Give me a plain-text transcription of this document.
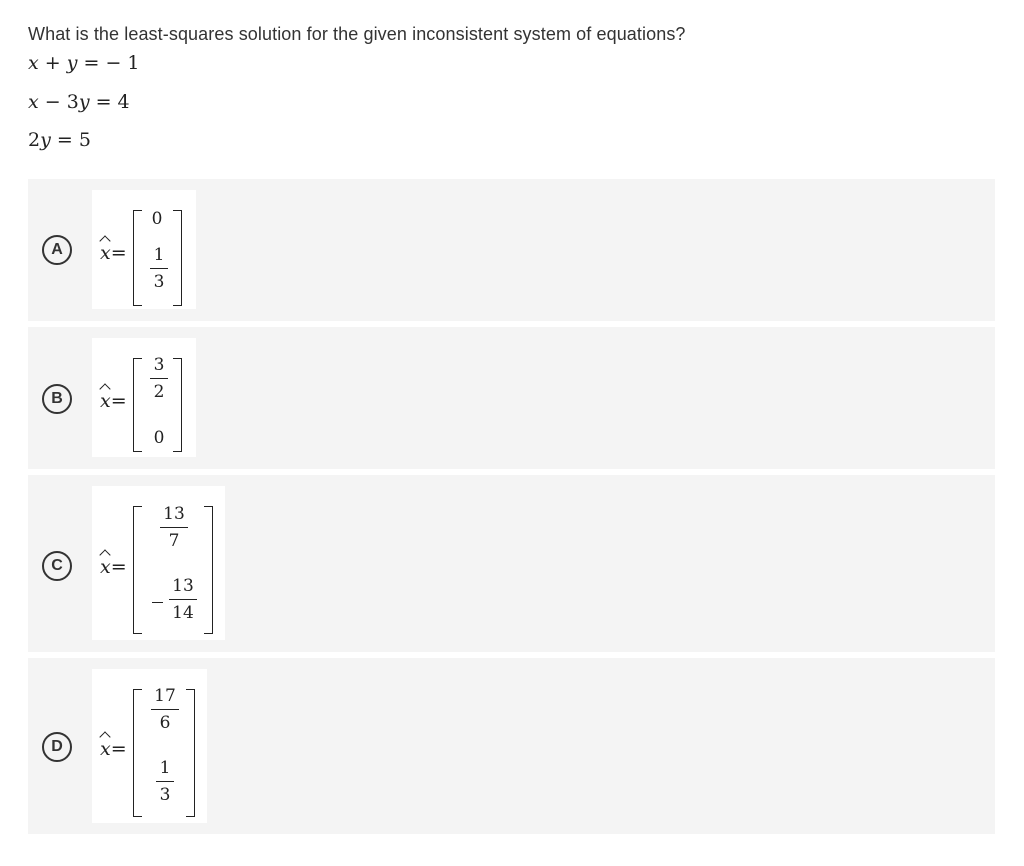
What is the least-squares solution for the given inconsistent system of equations?
x + y = − 1
x − 3y = 4
2y = 5
A	x=
0
1
3
B	x=
3
2
0
C	x=
13
7
13
14
D	x=
17
6
1
3
